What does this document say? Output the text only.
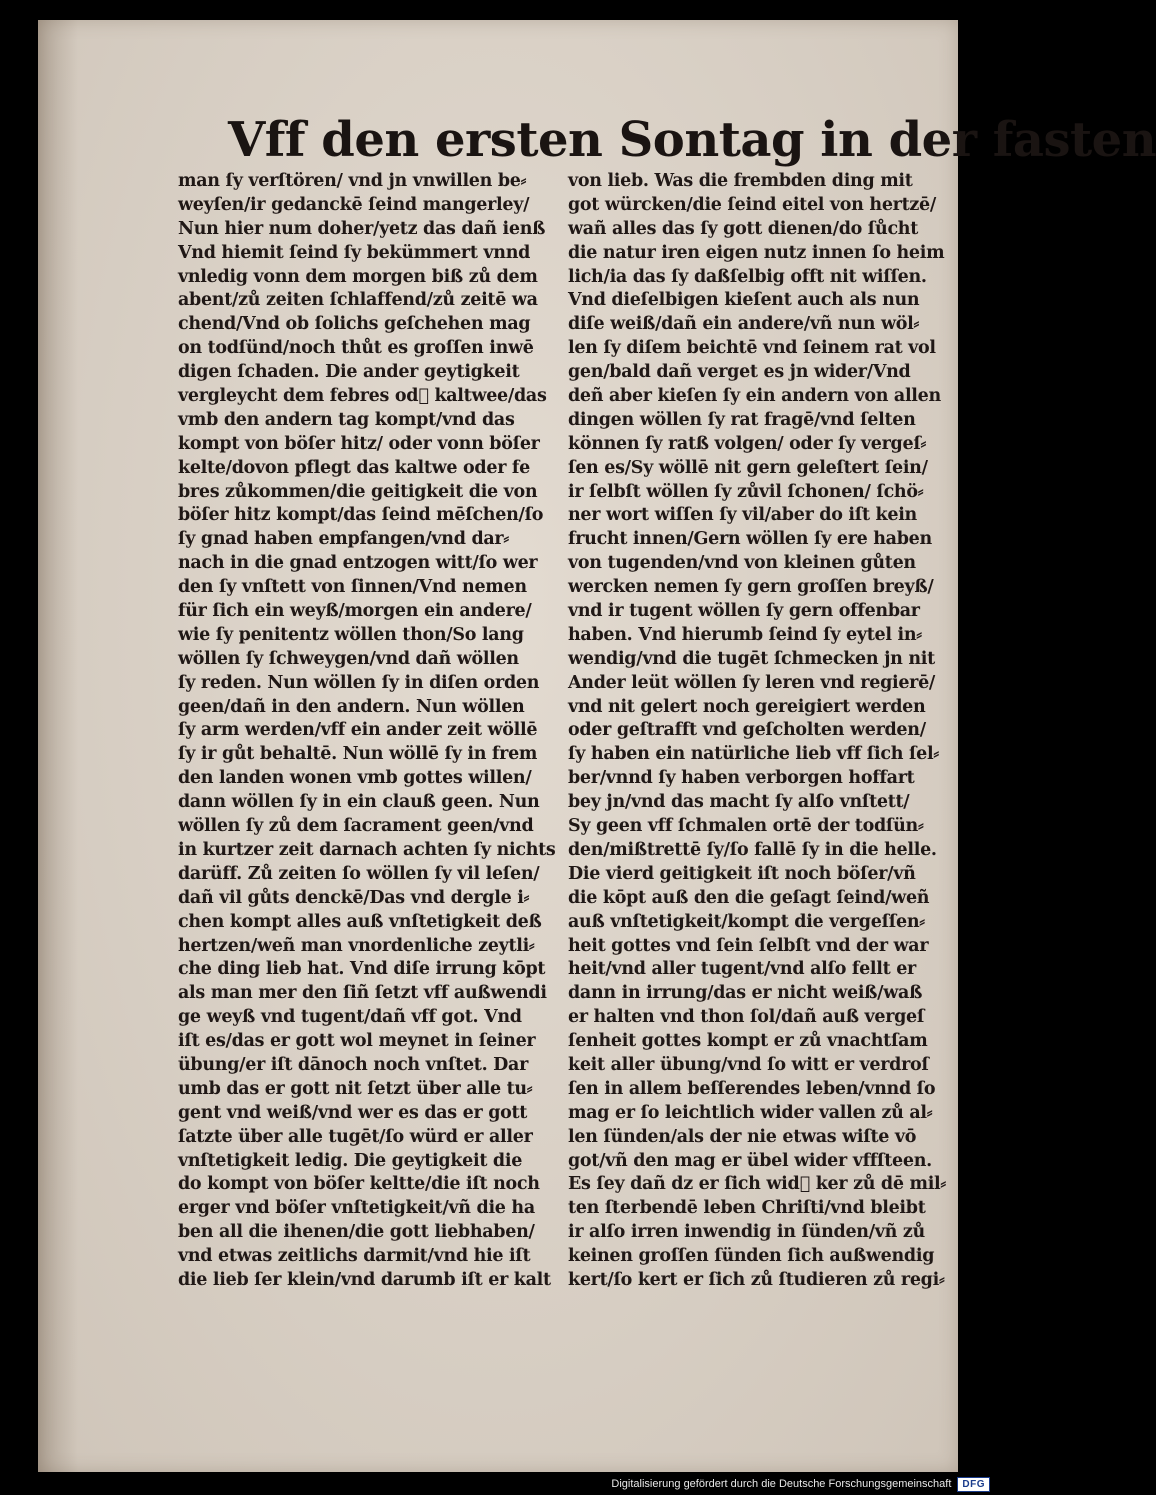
Vff den ersten Sontag in der fasten
man ſy verſtören/ vnd jn vnwillen be⸗
weyſen/ir gedanckē ſeind mangerley/
Nun hier num doher/yetz das dañ ienß
Vnd hiemit ſeind ſy bekümmert vnnd
vnledig vonn dem morgen biß zů dem
abent/zů zeiten ſchlaffend/zů zeitē wa
chend/Vnd ob ſolichs geſchehen mag
on todſünd/noch thůt es groſſen inwē
digen ſchaden. Die ander geytigkeit
vergleycht dem febres od᷑ kaltwee/das
vmb den andern tag kompt/vnd das
kompt von böſer hitz/ oder vonn böſer
kelte/dovon pflegt das kaltwe oder fe
bres zůkommen/die geitigkeit die von
böſer hitz kompt/das ſeind mēſchen/ſo
ſy gnad haben empfangen/vnd dar⸗
nach in die gnad entzogen witt/ſo wer
den ſy vnſtett von ſinnen/Vnd nemen
für ſich ein weyß/morgen ein andere/
wie ſy penitentz wöllen thon/So lang
wöllen ſy ſchweygen/vnd dañ wöllen
ſy reden. Nun wöllen ſy in diſen orden
geen/dañ in den andern. Nun wöllen
ſy arm werden/vff ein ander zeit wöllē
ſy ir gůt behaltē. Nun wöllē ſy in frem
den landen wonen vmb gottes willen/
dann wöllen ſy in ein clauß geen. Nun
wöllen ſy zů dem ſacrament geen/vnd
in kurtzer zeit darnach achten ſy nichts
darüff. Zů zeiten ſo wöllen ſy vil leſen/
dañ vil gůts denckē/Das vnd dergle i⸗
chen kompt alles auß vnſtetigkeit deß
hertzen/weñ man vnordenliche zeytli⸗
che ding lieb hat. Vnd diſe irrung kōpt
als man mer den ſiñ ſetzt vff außwendi
ge weyß vnd tugent/dañ vff got. Vnd
iſt es/das er gott wol meynet in ſeiner
übung/er iſt dānoch noch vnſtet. Dar
umb das er gott nit ſetzt über alle tu⸗
gent vnd weiß/vnd wer es das er gott
ſatzte über alle tugēt/ſo würd er aller
vnſtetigkeit ledig. Die geytigkeit die
do kompt von böſer keltte/die iſt noch
erger vnd böſer vnſtetigkeit/vñ die ha
ben all die ihenen/die gott liebhaben/
vnd etwas zeitlichs darmit/vnd hie iſt
die lieb ſer klein/vnd darumb iſt er kalt
von lieb. Was die frembden ding mit
got würcken/die ſeind eitel von hertzē/
wañ alles das ſy gott dienen/do ſůcht
die natur iren eigen nutz innen ſo heim
lich/ia das ſy daßſelbig offt nit wiſſen.
Vnd dieſelbigen kieſent auch als nun
diſe weiß/dañ ein andere/vñ nun wöl⸗
len ſy diſem beichtē vnd ſeinem rat vol
gen/bald dañ verget es jn wider/Vnd
deñ aber kieſen ſy ein andern von allen
dingen wöllen ſy rat fragē/vnd ſelten
können ſy ratß volgen/ oder ſy vergeſ⸗
ſen es/Sy wöllē nit gern geleſtert ſein/
ir ſelbſt wöllen ſy zůvil ſchonen/ ſchö⸗
ner wort wiſſen ſy vil/aber do iſt kein
frucht innen/Gern wöllen ſy ere haben
von tugenden/vnd von kleinen gůten
wercken nemen ſy gern groſſen breyß/
vnd ir tugent wöllen ſy gern offenbar
haben. Vnd hierumb ſeind ſy eytel in⸗
wendig/vnd die tugēt ſchmecken jn nit
Ander leüt wöllen ſy leren vnd regierē/
vnd nit gelert noch gereigiert werden
oder geſtrafft vnd geſcholten werden/
ſy haben ein natürliche lieb vff ſich ſel⸗
ber/vnnd ſy haben verborgen hoffart
bey jn/vnd das macht ſy alſo vnſtett/
Sy geen vff ſchmalen ortē der todſün⸗
den/mißtrettē ſy/ſo fallē ſy in die helle.
Die vierd geitigkeit iſt noch böſer/vñ
die kōpt auß den die geſagt ſeind/weñ
auß vnſtetigkeit/kompt die vergeſſen⸗
heit gottes vnd ſein ſelbſt vnd der war
heit/vnd aller tugent/vnd alſo fellt er
dann in irrung/das er nicht weiß/waß
er halten vnd thon ſol/dañ auß vergeſ
ſenheit gottes kompt er zů vnachtſam
keit aller übung/vnd ſo witt er verdroſ
ſen in allem beſſerendes leben/vnnd ſo
mag er ſo leichtlich wider vallen zů al⸗
len ſünden/als der nie etwas wiſte vō
got/vñ den mag er übel wider vffſteen.
Es ſey dañ dz er ſich wid᷑ ker zů dē mil⸗
ten ſterbendē leben Chriſti/vnd bleibt
ir alſo irren inwendig in ſünden/vñ zů
keinen groſſen ſünden ſich außwendig
kert/ſo kert er ſich zů ſtudieren zů regi⸗
Digitalisierung gefördert durch die Deutsche Forschungsgemeinschaft	DFG
